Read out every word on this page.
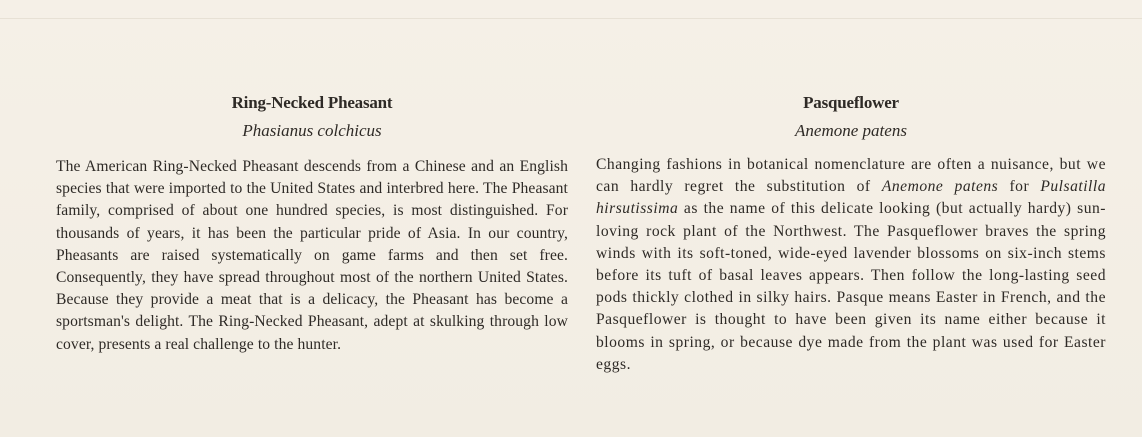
Ring-Necked Pheasant

Phasianus colchicus

The American Ring-Necked Pheasant descends from a Chinese and an English species that were imported to the United States and interbred here. The Pheasant family, comprised of about one hundred species, is most distinguished. For thousands of years, it has been the particular pride of Asia. In our country, Pheasants are raised systematically on game farms and then set free. Consequently, they have spread throughout most of the northern United States. Because they provide a meat that is a delicacy, the Pheasant has become a sportsman's delight. The Ring-Necked Pheasant, adept at skulking through low cover, presents a real challenge to the hunter.

Pasqueflower

Anemone patens

Changing fashions in botanical nomenclature are often a nuisance, but we can hardly regret the substitution of Anemone patens for Pulsatilla hirsutissima as the name of this delicate looking (but actually hardy) sun-loving rock plant of the Northwest. The Pasqueflower braves the spring winds with its soft-toned, wide-eyed lavender blossoms on six-inch stems before its tuft of basal leaves appears. Then follow the long-lasting seed pods thickly clothed in silky hairs. Pasque means Easter in French, and the Pasqueflower is thought to have been given its name either because it blooms in spring, or because dye made from the plant was used for Easter eggs.
